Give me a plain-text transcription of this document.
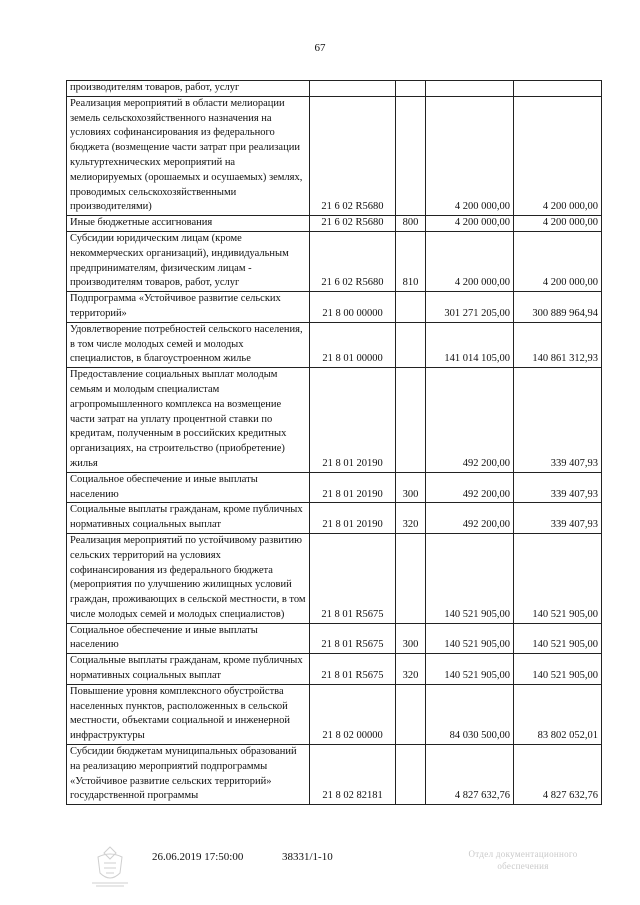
67
производителям товаров, работ, услуг				
Реализация мероприятий в области мелиорации земель сельскохозяйственного назначения на условиях софинансирования из федерального бюджета (возмещение части затрат при реализации культуртехнических мероприятий на мелиорируемых (орошаемых и осушаемых) землях, проводимых сельскохозяйственными производителями)	21 6 02 R5680		4 200 000,00	4 200 000,00
Иные бюджетные ассигнования	21 6 02 R5680	800	4 200 000,00	4 200 000,00
Субсидии юридическим лицам (кроме некоммерческих организаций), индивидуальным предпринимателям, физическим лицам - производителям товаров, работ, услуг	21 6 02 R5680	810	4 200 000,00	4 200 000,00
Подпрограмма «Устойчивое развитие сельских территорий»	21 8 00 00000		301 271 205,00	300 889 964,94
Удовлетворение потребностей сельского населения, в том числе молодых семей и молодых специалистов, в благоустроенном жилье	21 8 01 00000		141 014 105,00	140 861 312,93
Предоставление социальных выплат молодым семьям и молодым специалистам агропромышленного комплекса на возмещение части затрат на уплату процентной ставки по кредитам, полученным в российских кредитных организациях, на строительство (приобретение) жилья	21 8 01 20190		492 200,00	339 407,93
Социальное обеспечение и иные выплаты населению	21 8 01 20190	300	492 200,00	339 407,93
Социальные выплаты гражданам, кроме публичных нормативных социальных выплат	21 8 01 20190	320	492 200,00	339 407,93
Реализация мероприятий по устойчивому развитию сельских территорий на условиях софинансирования из федерального бюджета (мероприятия по улучшению жилищных условий граждан, проживающих в сельской местности, в том числе молодых семей и молодых специалистов)	21 8 01 R5675		140 521 905,00	140 521 905,00
Социальное обеспечение и иные выплаты населению	21 8 01 R5675	300	140 521 905,00	140 521 905,00
Социальные выплаты гражданам, кроме публичных нормативных социальных выплат	21 8 01 R5675	320	140 521 905,00	140 521 905,00
Повышение уровня комплексного обустройства населенных пунктов, расположенных в сельской местности, объектами социальной и инженерной инфраструктуры	21 8 02 00000		84 030 500,00	83 802 052,01
Субсидии бюджетам муниципальных образований на реализацию мероприятий подпрограммы «Устойчивое развитие сельских территорий» государственной программы	21 8 02 82181		4 827 632,76	4 827 632,76
26.06.2019 17:50:00	38331/1-10	Отдел документационного
обеспечения
